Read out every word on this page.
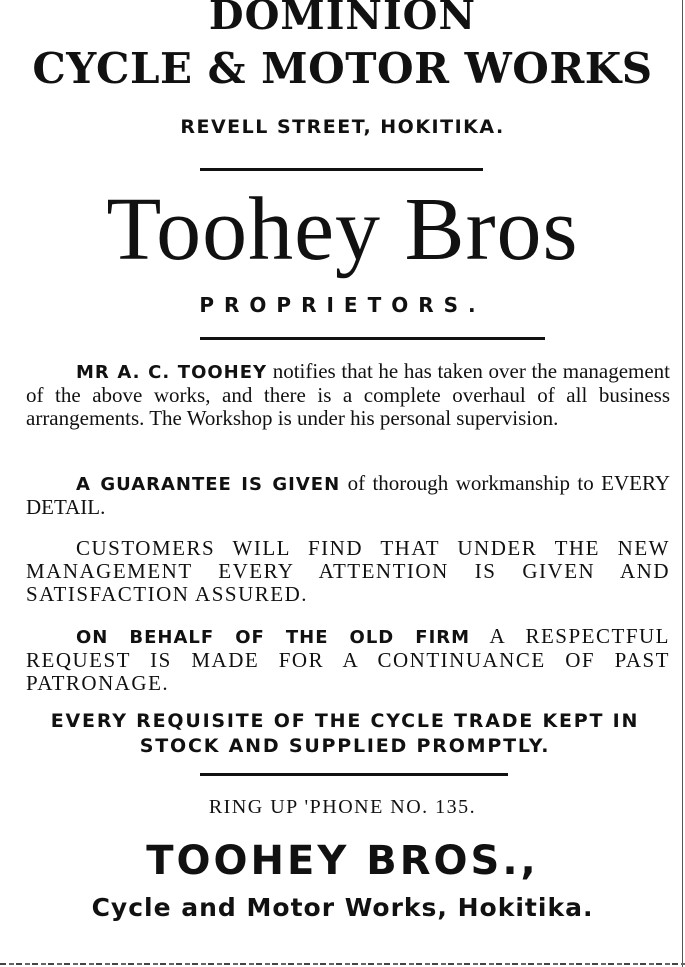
DOMINION
CYCLE & MOTOR WORKS
REVELL STREET, HOKITIKA.
Toohey Bros
PROPRIETORS.
MR A. C. TOOHEY notifies that he has taken over the management of the above works, and there is a complete overhaul of all business arrangements. The Workshop is under his personal supervision.
A GUARANTEE IS GIVEN of thorough workmanship to EVERY DETAIL.
CUSTOMERS WILL FIND THAT UNDER THE NEW MANAGEMENT EVERY ATTENTION IS GIVEN AND SATISFACTION ASSURED.
ON BEHALF OF THE OLD FIRM A RESPECTFUL REQUEST IS MADE FOR A CONTINUANCE OF PAST PATRONAGE.
EVERY REQUISITE OF THE CYCLE TRADE KEPT IN STOCK AND SUPPLIED PROMPTLY.
RING UP 'PHONE NO. 135.
TOOHEY BROS.,
Cycle and Motor Works, Hokitika.
